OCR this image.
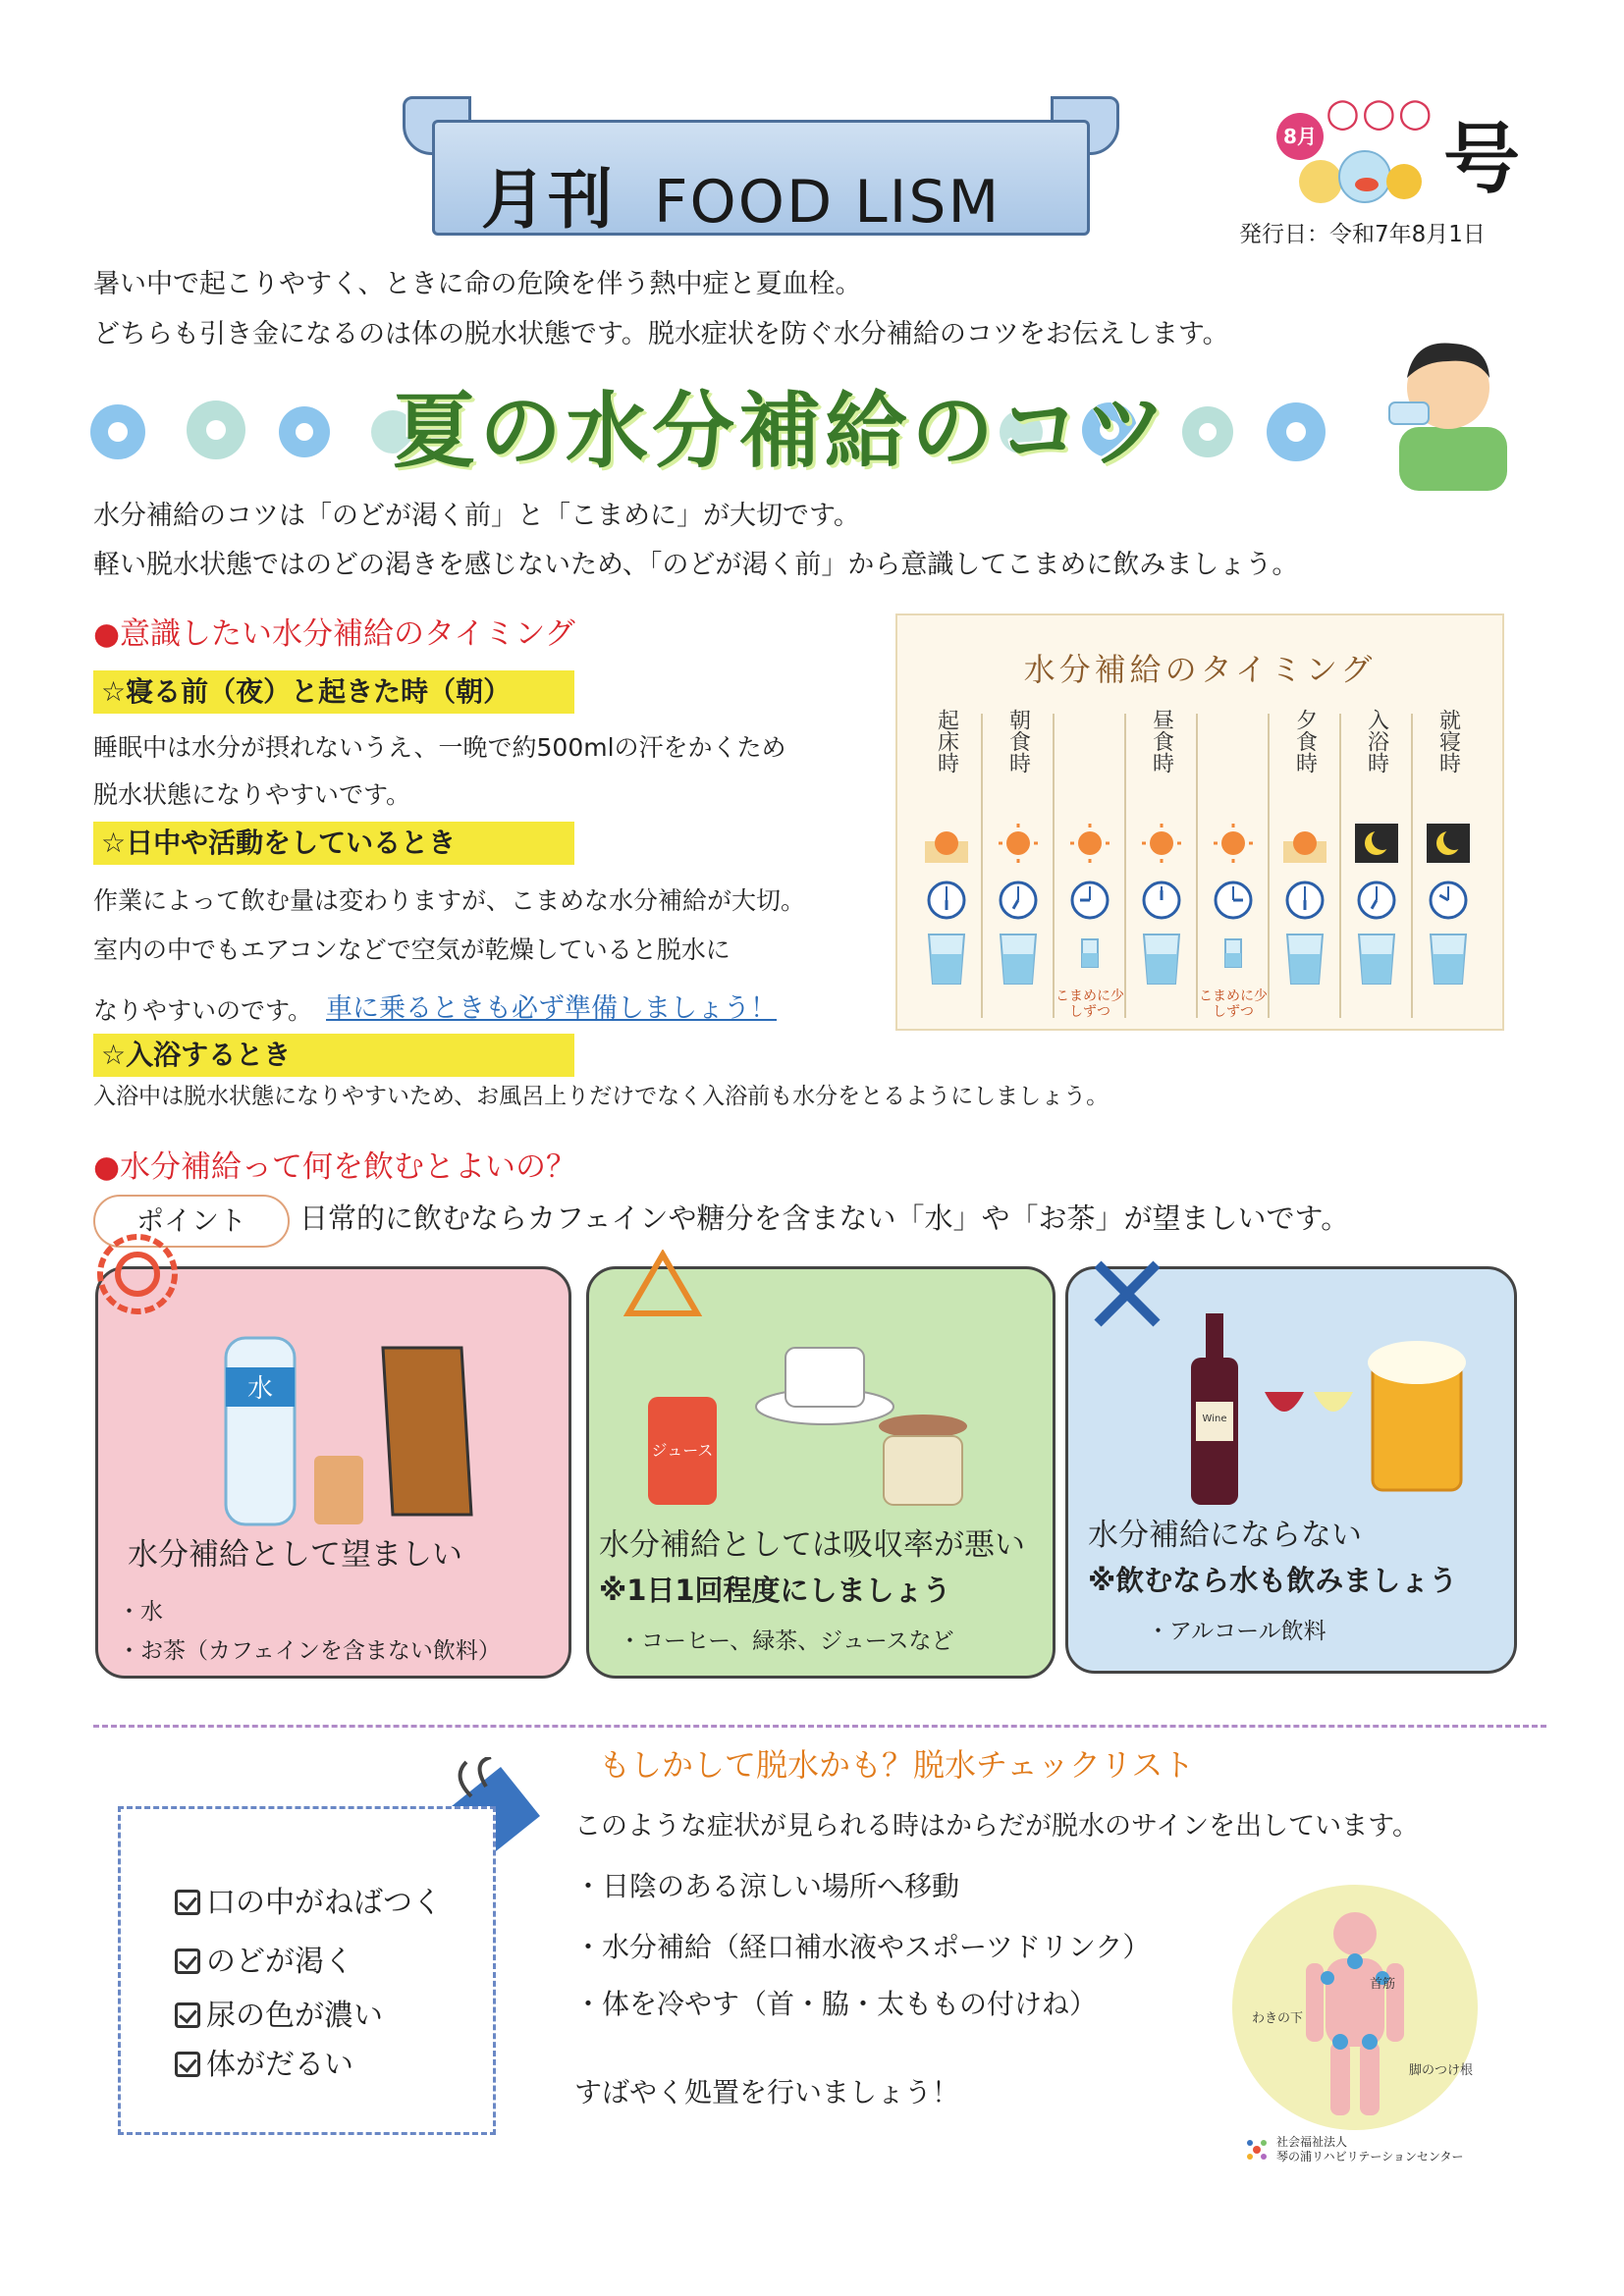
月刊 FOOD LISM
8月
○○○
号
発行日：令和7年8月1日
暑い中で起こりやすく、ときに命の危険を伴う熱中症と夏血栓。
どちらも引き金になるのは体の脱水状態です。脱水症状を防ぐ水分補給のコツをお伝えします。
夏の水分補給のコツ
水分補給のコツは「のどが渇く前」と「こまめに」が大切です。
軽い脱水状態ではのどの渇きを感じないため、「のどが渇く前」から意識してこまめに飲みましょう。
●意識したい水分補給のタイミング
☆寝る前（夜）と起きた時（朝）
睡眠中は水分が摂れないうえ、一晩で約500mlの汗をかくため
脱水状態になりやすいです。
☆日中や活動をしているとき
作業によって飲む量は変わりますが、こまめな水分補給が大切。
室内の中でもエアコンなどで空気が乾燥していると脱水に
なりやすいのです。 車に乗るときも必ず準備しましょう！
☆入浴するとき
入浴中は脱水状態になりやすいため、お風呂上りだけでなく入浴前も水分をとるようにしましょう。
水分補給のタイミング
起床時 朝食時
こまめに少しずつ
昼食時
こまめに少しずつ
夕食時 入浴時 就寝時
●水分補給って何を飲むとよいの？
ポイント	日常的に飲むならカフェインや糖分を含まない「水」や「お茶」が望ましいです。
水
水分補給として望ましい
・水
・お茶（カフェインを含まない飲料）
ジュース
水分補給としては吸収率が悪い
※1日1回程度にしましょう
・コーヒー、緑茶、ジュースなど
Wine
水分補給にならない
※飲むなら水も飲みましょう
・アルコール飲料
もしかして脱水かも？脱水チェックリスト
口の中がねばつく
のどが渇く
尿の色が濃い
体がだるい
このような症状が見られる時はからだが脱水のサインを出しています。
・日陰のある涼しい場所へ移動
・水分補給（経口補水液やスポーツドリンク）
・体を冷やす（首・脇・太ももの付けね）
すばやく処置を行いましょう！
首筋
わきの下
脚のつけ根
社会福祉法人
琴の浦リハビリテーションセンター
